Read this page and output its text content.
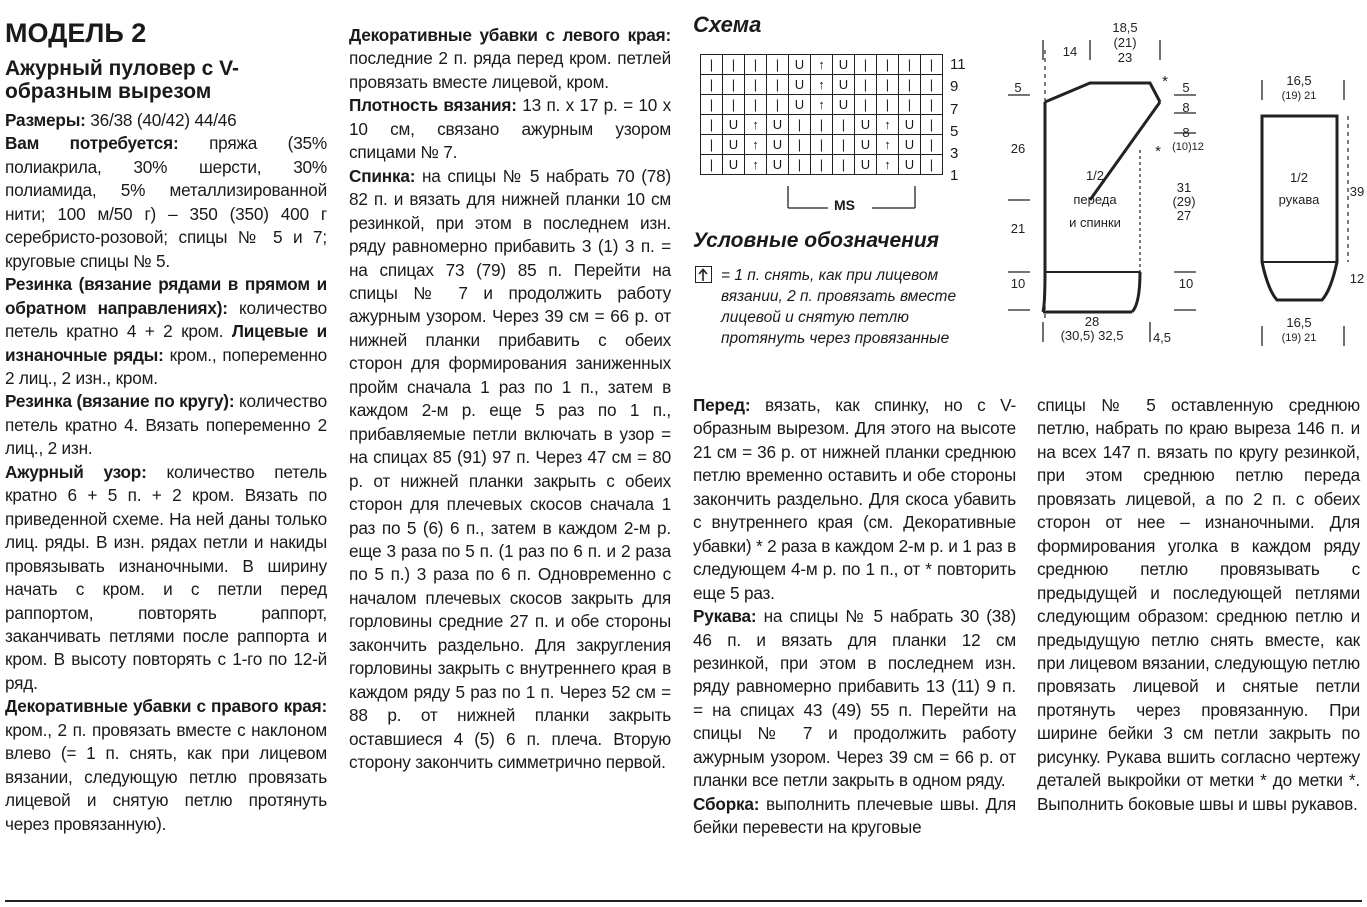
МОДЕЛЬ 2
Ажурный пуловер с V-образным вырезом

Размеры: 36/38 (40/42) 44/46

Вам потребуется: пряжа (35% полиакрила, 30% шерсти, 30% полиамида, 5% металлизированной нити; 100 м/50 г) – 350 (350) 400 г серебристо-розовой; спицы № 5 и 7; круговые спицы № 5.

Резинка (вязание рядами в прямом и обратном направлениях): количество петель кратно 4 + 2 кром. Лицевые и изнаночные ряды: кром., попеременно 2 лиц., 2 изн., кром.

Резинка (вязание по кругу): количество петель кратно 4. Вязать попеременно 2 лиц., 2 изн.

Ажурный узор: количество петель кратно 6 + 5 п. + 2 кром. Вязать по приведенной схеме. На ней даны только лиц. ряды. В изн. рядах петли и накиды провязывать изнаночными. В ширину начать с кром. и с петли перед раппортом, повторять раппорт, заканчивать петлями после раппорта и кром. В высоту повторять с 1-го по 12-й ряд.

Декоративные убавки с правого края: кром., 2 п. провязать вместе с наклоном влево (= 1 п. снять, как при лицевом вязании, следующую петлю провязать лицевой и снятую петлю протянуть через провязанную).

Декоративные убавки с левого края: последние 2 п. ряда перед кром. петлей провязать вместе лицевой, кром.

Плотность вязания: 13 п. х 17 р. = 10 х 10 см, связано ажурным узором спицами № 7.

Спинка: на спицы № 5 набрать 70 (78) 82 п. и вязать для нижней планки 10 см резинкой, при этом в последнем изн. ряду равномерно прибавить 3 (1) 3 п. = на спицах 73 (79) 85 п. Перейти на спицы № 7 и продолжить работу ажурным узором. Через 39 см = 66 р. от нижней планки прибавить с обеих сторон для формирования заниженных пройм сначала 1 раз по 1 п., затем в каждом 2-м р. еще 5 раз по 1 п., прибавляемые петли включать в узор = на спицах 85 (91) 97 п. Через 47 см = 80 р. от нижней планки закрыть с обеих сторон для плечевых скосов сначала 1 раз по 5 (6) 6 п., затем в каждом 2-м р. еще 3 раза по 5 п. (1 раз по 6 п. и 2 раза по 5 п.) 3 раза по 6 п. Одновременно с началом плечевых скосов закрыть для горловины средние 27 п. и обе стороны закончить раздельно. Для закругления горловины закрыть с внутреннего края в каждом ряду 5 раз по 1 п. Через 52 см = 88 р. от нижней планки закрыть оставшиеся 4 (5) 6 п. плеча. Вторую сторону закончить симметрично первой.

Схема
|	|	|	|	U	↑	U	|	|	|	|
|	|	|	|	U	↑	U	|	|	|	|
|	|	|	|	U	↑	U	|	|	|	|
|	U	↑	U	|	|	|	U	↑	U	|
|	U	↑	U	|	|	|	U	↑	U	|
|	U	↑	U	|	|	|	U	↑	U	|
11
9
7
5
3
1
MS
Условные обозначения
= 1 п. снять, как при лицевом вязании, 2 п. провязать вместе лицевой и снятую петлю протянуть через провязанные
14
18,5
(21)
23
*
5
26
21
10
5
8
8
(10)12
*
31
(29)
27
10
1/2
переда
и спинки
28
(30,5) 32,5 4,5
16,5
(19) 21
1/2
рукава
39
12
16,5
(19) 21

Перед: вязать, как спинку, но с V-образным вырезом. Для этого на высоте 21 см = 36 р. от нижней планки среднюю петлю временно оставить и обе стороны закончить раздельно. Для скоса убавить с внутреннего края (см. Декоративные убавки) * 2 раза в каждом 2-м р. и 1 раз в следующем 4-м р. по 1 п., от * повторить еще 5 раз.

Рукава: на спицы № 5 набрать 30 (38) 46 п. и вязать для планки 12 см резинкой, при этом в последнем изн. ряду равномерно прибавить 13 (11) 9 п. = на спицах 43 (49) 55 п. Перейти на спицы № 7 и продолжить работу ажурным узором. Через 39 см = 66 р. от планки все петли закрыть в одном ряду.

Сборка: выполнить плечевые швы. Для бейки перевести на круговые

спицы № 5 оставленную среднюю петлю, набрать по краю выреза 146 п. и на всех 147 п. вязать по кругу резинкой, при этом среднюю петлю переда провязать лицевой, а по 2 п. с обеих сторон от нее – изнаночными. Для формирования уголка в каждом ряду среднюю петлю провязывать с предыдущей и последующей петлями следующим образом: среднюю петлю и предыдущую петлю снять вместе, как при лицевом вязании, следующую петлю провязать лицевой и снятые петли протянуть через провязанную. При ширине бейки 3 см петли закрыть по рисунку. Рукава вшить согласно чертежу деталей выкройки от метки * до метки *. Выполнить боковые швы и швы рукавов.
